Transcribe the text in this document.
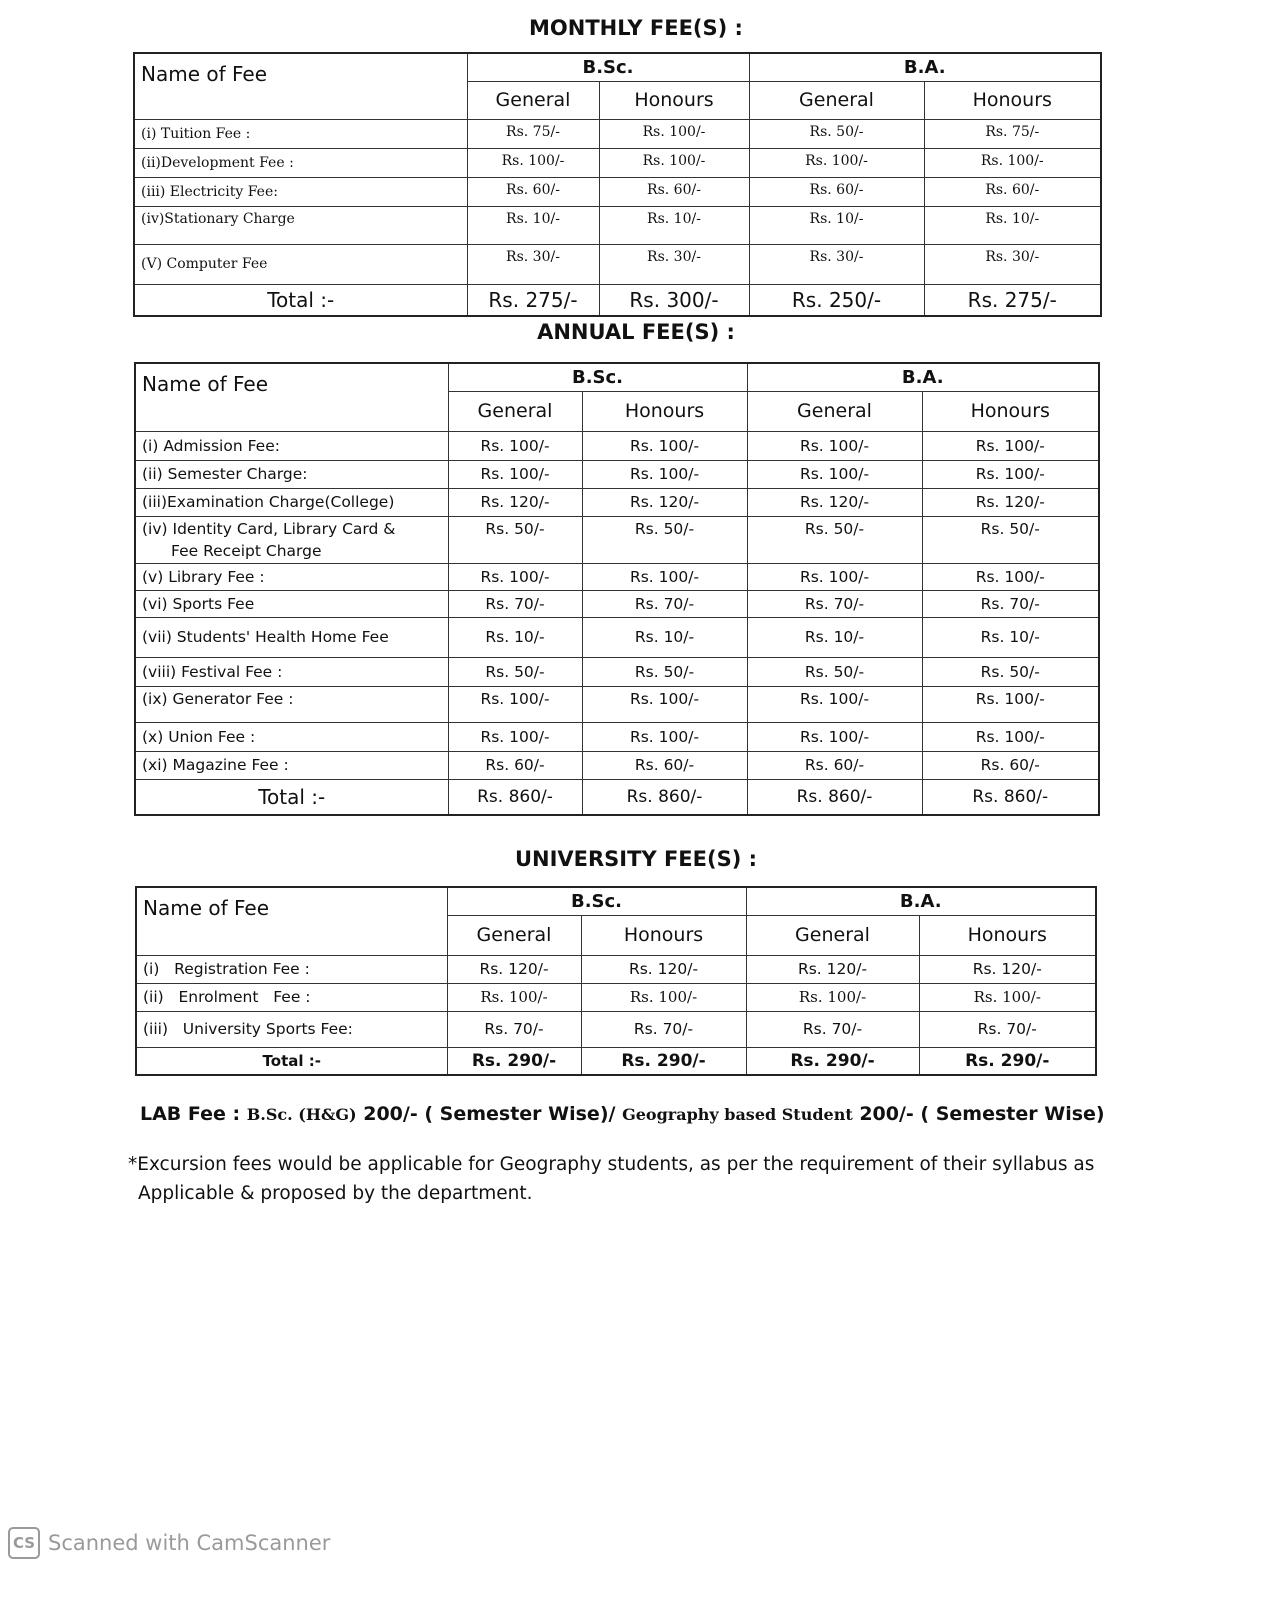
MONTHLY FEE(S) :
Name of Fee	B.Sc.		B.A.	
	General	Honours	General	Honours
(i) Tuition Fee :	Rs. 75/-	Rs. 100/-	Rs. 50/-	Rs. 75/-
(ii)Development Fee :	Rs. 100/-	Rs. 100/-	Rs. 100/-	Rs. 100/-
(iii) Electricity Fee:	Rs. 60/-	Rs. 60/-	Rs. 60/-	Rs. 60/-
(iv)Stationary Charge	Rs. 10/-	Rs. 10/-	Rs. 10/-	Rs. 10/-
(V) Computer Fee	Rs. 30/-	Rs. 30/-	Rs. 30/-	Rs. 30/-
Total :-	Rs. 275/-	Rs. 300/-	Rs. 250/-	Rs. 275/-
ANNUAL FEE(S) :
Name of Fee	B.Sc.		B.A.	
	General	Honours	General	Honours
(i) Admission Fee:	Rs. 100/-	Rs. 100/-	Rs. 100/-	Rs. 100/-
(ii) Semester Charge:	Rs. 100/-	Rs. 100/-	Rs. 100/-	Rs. 100/-
(iii)Examination Charge(College)	Rs. 120/-	Rs. 120/-	Rs. 120/-	Rs. 120/-

(iv) Identity Card, Library Card &
Fee Receipt Charge	Rs. 50/-	Rs. 50/-	Rs. 50/-	Rs. 50/-
(v) Library Fee :	Rs. 100/-	Rs. 100/-	Rs. 100/-	Rs. 100/-
(vi) Sports Fee	Rs. 70/-	Rs. 70/-	Rs. 70/-	Rs. 70/-
(vii) Students' Health Home Fee	Rs. 10/-	Rs. 10/-	Rs. 10/-	Rs. 10/-
(viii) Festival Fee :	Rs. 50/-	Rs. 50/-	Rs. 50/-	Rs. 50/-
(ix) Generator Fee :	Rs. 100/-	Rs. 100/-	Rs. 100/-	Rs. 100/-
(x) Union Fee :	Rs. 100/-	Rs. 100/-	Rs. 100/-	Rs. 100/-
(xi) Magazine Fee :	Rs. 60/-	Rs. 60/-	Rs. 60/-	Rs. 60/-
Total :-	Rs. 860/-	Rs. 860/-	Rs. 860/-	Rs. 860/-
UNIVERSITY FEE(S) :
Name of Fee	B.Sc.		B.A.	
	General	Honours	General	Honours
(i)   Registration Fee :	Rs. 120/-	Rs. 120/-	Rs. 120/-	Rs. 120/-
(ii)   Enrolment   Fee :	Rs. 100/-	Rs. 100/-	Rs. 100/-	Rs. 100/-
(iii)   University Sports Fee:	Rs. 70/-	Rs. 70/-	Rs. 70/-	Rs. 70/-
Total :-	Rs. 290/-	Rs. 290/-	Rs. 290/-	Rs. 290/-
LAB Fee : B.Sc. (H&G) 200/- ( Semester Wise)/ Geography based Student 200/- ( Semester Wise)
*Excursion fees would be applicable for Geography students, as per the requirement of their syllabus as
Applicable & proposed by the department.
CS Scanned with CamScanner
